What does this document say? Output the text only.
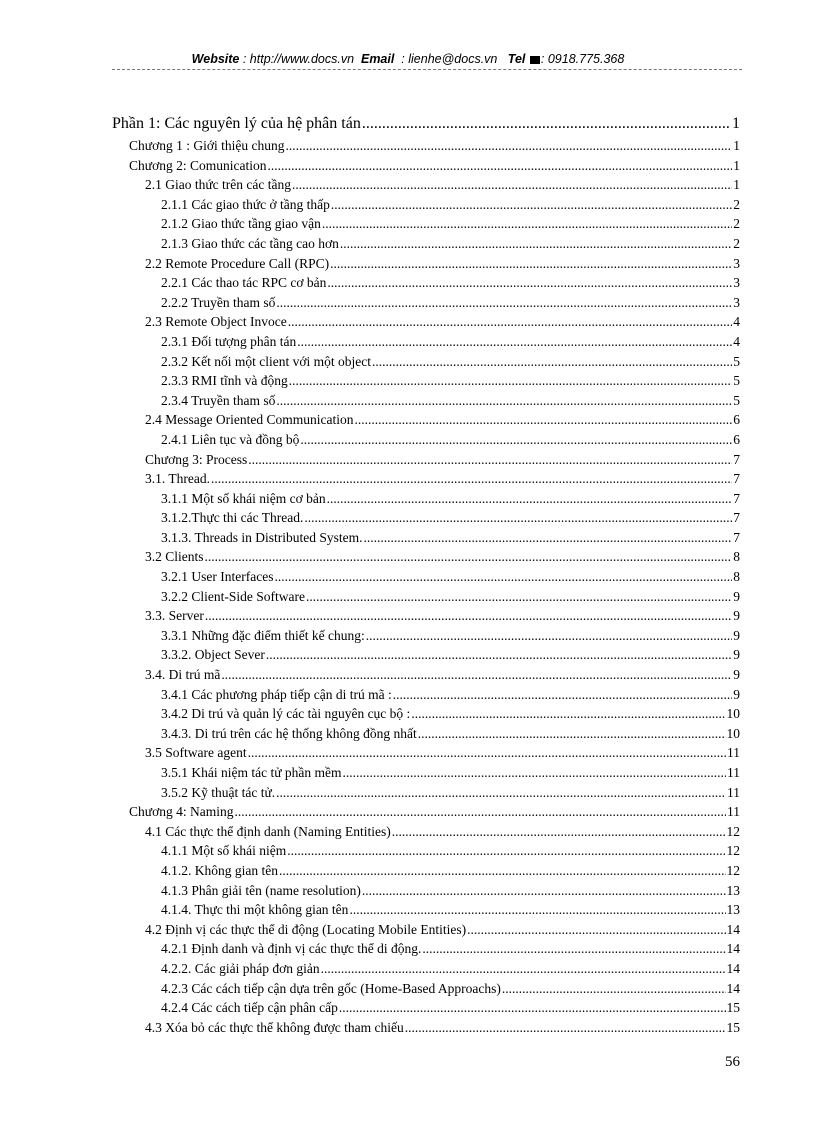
Website : http://www.docs.vn Email : lienhe@docs.vn Tel : 0918.775.368
Phần 1: Các nguyên lý của hệ phân tán .....	1
Chương 1 : Giới thiệu chung .....	1
Chương 2: Comunication .....	1
2.1 Giao thức trên các tầng .....	1
2.1.1 Các giao thức ở tầng thấp .....	2
2.1.2 Giao thức tầng giao vận .....	2
2.1.3 Giao thức các tầng cao hơn .....	2
2.2 Remote Procedure Call (RPC) .....	3
2.2.1 Các thao tác RPC cơ bản .....	3
2.2.2 Truyền tham số .....	3
2.3 Remote Object Invoce .....	4
2.3.1 Đối tượng phân tán .....	4
2.3.2 Kết nối một client với một object .....	5
2.3.3 RMI tĩnh và động .....	5
2.3.4 Truyền tham số .....	5
2.4 Message Oriented Communication .....	6
2.4.1 Liên tục và đồng bộ .....	6
Chương 3: Process .....	7
3.1. Thread. .....	7
3.1.1 Một số khái niệm cơ bản .....	7
3.1.2.Thực thi các Thread. .....	7
3.1.3. Threads in Distributed System. .....	7
3.2 Clients .....	8
3.2.1 User Interfaces .....	8
3.2.2 Client-Side Software .....	9
3.3. Server .....	9
3.3.1 Những đặc điểm thiết kế chung: .....	9
3.3.2. Object Sever .....	9
3.4. Di trú mã .....	9
3.4.1 Các phương pháp tiếp cận di trú mã : .....	9
3.4.2 Di trú và quản lý các tài nguyên cục bộ : .....	10
3.4.3. Di trú trên các hệ thống không đồng nhất .....	10
3.5 Software agent .....	11
3.5.1 Khái niệm tác tử phần mềm .....	11
3.5.2 Kỹ thuật tác tử. .....	11
Chương 4: Naming .....	11
4.1 Các thực thể định danh (Naming Entities) .....	12
4.1.1 Một số khái niệm .....	12
4.1.2. Không gian tên .....	12
4.1.3 Phân giải tên (name resolution) .....	13
4.1.4. Thực thi một không gian tên .....	13
4.2 Định vị các thực thể di động (Locating Mobile Entities) .....	14
4.2.1 Định danh và định vị các thực thể di động. .....	14
4.2.2. Các giải pháp đơn giản .....	14
4.2.3 Các cách tiếp cận dựa trên gốc (Home-Based Approachs) .....	14
4.2.4 Các cách tiếp cận phân cấp .....	15
4.3 Xóa bỏ các thực thể không được tham chiếu .....	15
56
